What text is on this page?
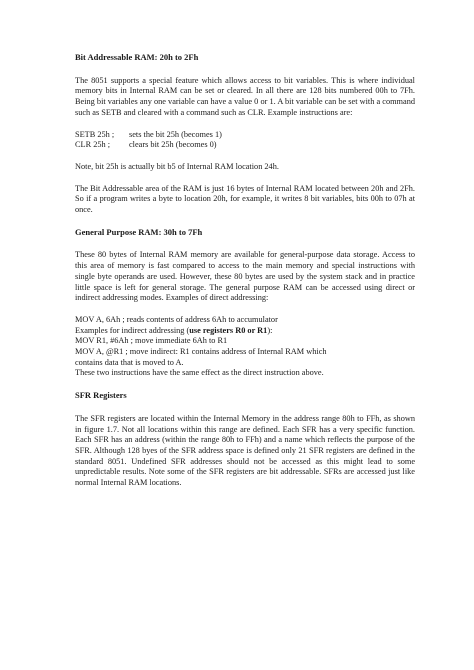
Bit Addressable RAM: 20h to 2Fh

The 8051 supports a special feature which allows access to bit variables. This is where individual memory bits in Internal RAM can be set or cleared. In all there are 128 bits numbered 00h to 7Fh. Being bit variables any one variable can have a value 0 or 1. A bit variable can be set with a command such as SETB and cleared with a command such as CLR. Example instructions are:

SETB 25h ;	sets the bit 25h (becomes 1)
CLR 25h ;	clears bit 25h (becomes 0)

Note, bit 25h is actually bit b5 of Internal RAM location 24h.

The Bit Addressable area of the RAM is just 16 bytes of Internal RAM located between 20h and 2Fh. So if a program writes a byte to location 20h, for example, it writes 8 bit variables, bits 00h to 07h at once.

General Purpose RAM: 30h to 7Fh

These 80 bytes of Internal RAM memory are available for general-purpose data storage. Access to this area of memory is fast compared to access to the main memory and special instructions with single byte operands are used. However, these 80 bytes are used by the system stack and in practice little space is left for general storage. The general purpose RAM can be accessed using direct or indirect addressing modes. Examples of direct addressing:

MOV A, 6Ah ; reads contents of address 6Ah to accumulator
Examples for indirect addressing (use registers R0 or R1):
MOV R1, #6Ah ; move immediate 6Ah to R1
MOV A, @R1 ; move indirect: R1 contains address of Internal RAM which
contains data that is moved to A.
These two instructions have the same effect as the direct instruction above.
SFR Registers

The SFR registers are located within the Internal Memory in the address range 80h to FFh, as shown in figure 1.7. Not all locations within this range are defined. Each SFR has a very specific function. Each SFR has an address (within the range 80h to FFh) and a name which reflects the purpose of the SFR. Although 128 byes of the SFR address space is defined only 21 SFR registers are defined in the standard 8051. Undefined SFR addresses should not be accessed as this might lead to some unpredictable results. Note some of the SFR registers are bit addressable. SFRs are accessed just like normal Internal RAM locations.
